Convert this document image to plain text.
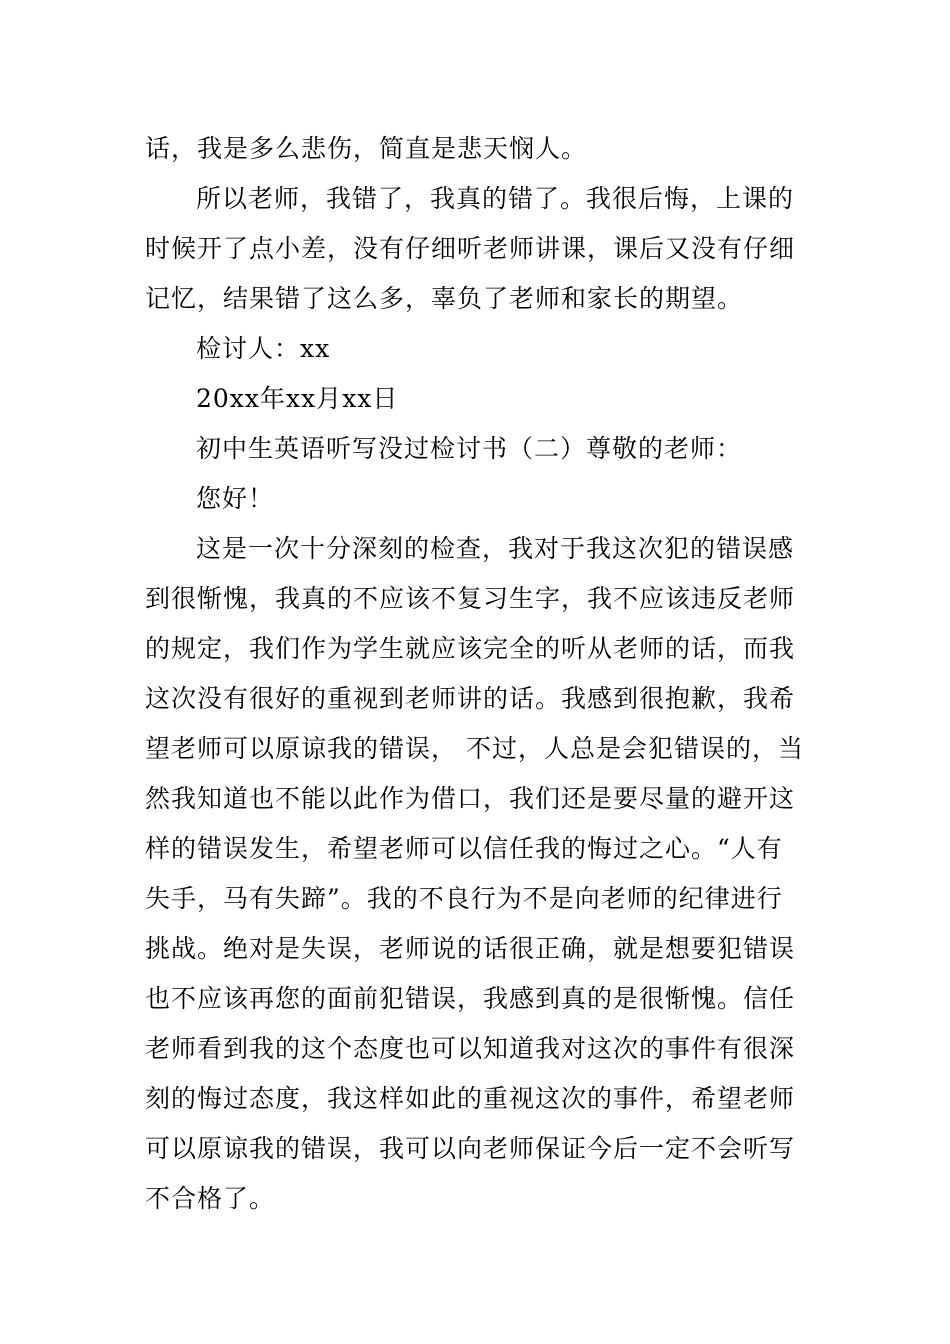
话，我是多么悲伤，简直是悲天悯人。
所以老师，我错了，我真的错了。我很后悔，上课的
时候开了点小差，没有仔细听老师讲课，课后又没有仔细
记忆，结果错了这么多，辜负了老师和家长的期望。
检讨人：xx
20xx年xx月xx日
初中生英语听写没过检讨书（二）尊敬的老师：
您好！
这是一次十分深刻的检查，我对于我这次犯的错误感
到很惭愧，我真的不应该不复习生字，我不应该违反老师
的规定，我们作为学生就应该完全的听从老师的话，而我
这次没有很好的重视到老师讲的话。我感到很抱歉，我希
望老师可以原谅我的错误， 不过，人总是会犯错误的，当
然我知道也不能以此作为借口，我们还是要尽量的避开这
样的错误发生，希望老师可以信任我的悔过之心。“人有
失手，马有失蹄”。我的不良行为不是向老师的纪律进行
挑战。绝对是失误，老师说的话很正确，就是想要犯错误
也不应该再您的面前犯错误，我感到真的是很惭愧。信任
老师看到我的这个态度也可以知道我对这次的事件有很深
刻的悔过态度，我这样如此的重视这次的事件，希望老师
可以原谅我的错误，我可以向老师保证今后一定不会听写
不合格了。
